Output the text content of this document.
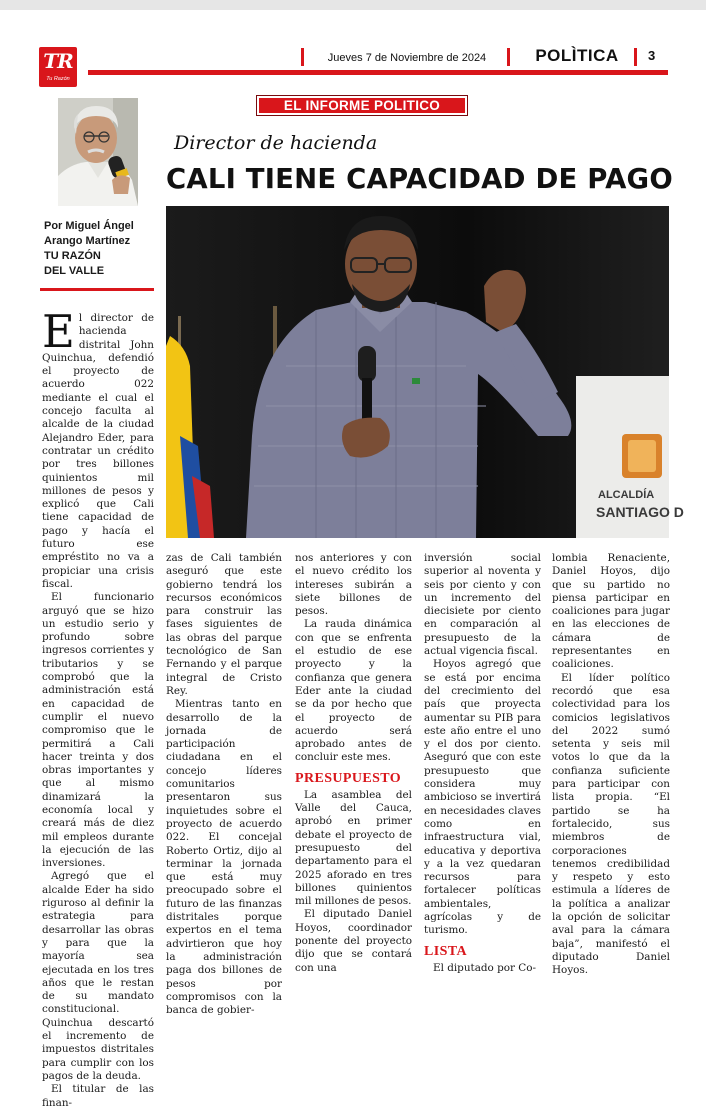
TR
Tu Razón
Jueves 7 de Noviembre de 2024	POLÌTICA	3
EL INFORME POLITICO
Director de hacienda
CALI TIENE CAPACIDAD DE PAGO
Por Miguel Ángel
Arango Martínez
TU RAZÓN
DEL VALLE
ALCALDÍA
SANTIAGO D

El director de hacienda distrital John Quinchua, defendió el proyecto de acuerdo 022 mediante el cual el concejo faculta al alcalde de la ciudad Alejandro Eder, para contratar un crédito por tres billones quinientos mil millones de pesos y explicó que Cali tiene capacidad de pago y hacía el futuro ese empréstito no va a propiciar una crisis fiscal.

El funcionario arguyó que se hizo un estudio serio y profundo sobre ingresos corrientes y tributarios y se comprobó que la administración está en capacidad de cumplir el nuevo compromiso que le permitirá a Cali hacer treinta y dos obras importantes y que al mismo dinamizará la economía local y creará más de diez mil empleos durante la ejecución de las inversiones.

Agregó que el alcalde Eder ha sido riguroso al definir la estrategia para desarrollar las obras y para que la mayoría sea ejecutada en los tres años que le restan de su mandato constitucional. Quinchua descartó el incremento de impuestos distritales para cumplir con los pagos de la deuda.

El titular de las finan-

zas de Cali también aseguró que este gobierno tendrá los recursos económicos para construir las fases siguientes de las obras del parque tecnológico de San Fernando y el parque integral de Cristo Rey.

Mientras tanto en desarrollo de la jornada de participación ciudadana en el concejo líderes comunitarios presentaron sus inquietudes sobre el proyecto de acuerdo 022. El concejal Roberto Ortiz, dijo al terminar la jornada que está muy preocupado sobre el futuro de las finanzas distritales porque expertos en el tema advirtieron que hoy la administración paga dos billones de pesos por compromisos con la banca de gobier-

nos anteriores y con el nuevo crédito los intereses subirán a siete billones de pesos.

La rauda dinámica con que se enfrenta el estudio de ese proyecto y la confianza que genera Eder ante la ciudad se da por hecho que el proyecto de acuerdo será aprobado antes de concluir este mes.

PRESUPUESTO

La asamblea del Valle del Cauca, aprobó en primer debate el proyecto de presupuesto del departamento para el 2025 aforado en tres billones quinientos mil millones de pesos.

El diputado Daniel Hoyos, coordinador ponente del proyecto dijo que se contará con una

inversión social superior al noventa y seis por ciento y con un incremento del diecisiete por ciento en comparación al presupuesto de la actual vigencia fiscal.

Hoyos agregó que se está por encima del crecimiento del país que proyecta aumentar su PIB para este año entre el uno y el dos por ciento. Aseguró que con este presupuesto que considera muy ambicioso se invertirá en necesidades claves como en infraestructura vial, educativa y deportiva y a la vez quedaran recursos para fortalecer políticas ambientales, agrícolas y de turismo.

LISTA

El diputado por Co-

lombia Renaciente, Daniel Hoyos, dijo que su partido no piensa participar en coaliciones para jugar en las elecciones de cámara de representantes en coaliciones.

El líder político recordó que esa colectividad para los comicios legislativos del 2022 sumó setenta y seis mil votos lo que da la confianza suficiente para participar con lista propia. “El partido se ha fortalecido, sus miembros de corporaciones tenemos credibilidad y respeto y esto estimula a líderes de la política a analizar la opción de solicitar aval para la cámara baja”, manifestó el diputado Daniel Hoyos.
